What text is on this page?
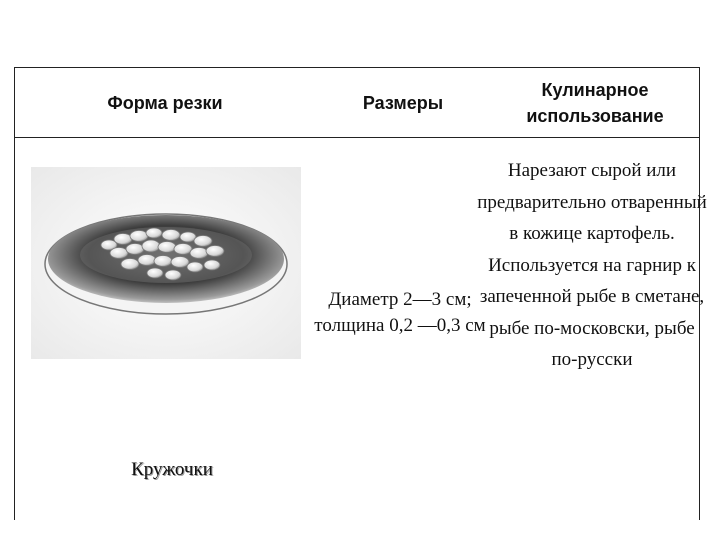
Форма резки	Размеры
Кулинарное использование
Кружочки
Диаметр 2—3 см; толщина 0,2 —0,3 см
Нарезают сырой или предварительно отваренный в кожице картофель. Используется на гарнир к запеченной рыбе в сметане, рыбе по-московски, рыбе по-русски
